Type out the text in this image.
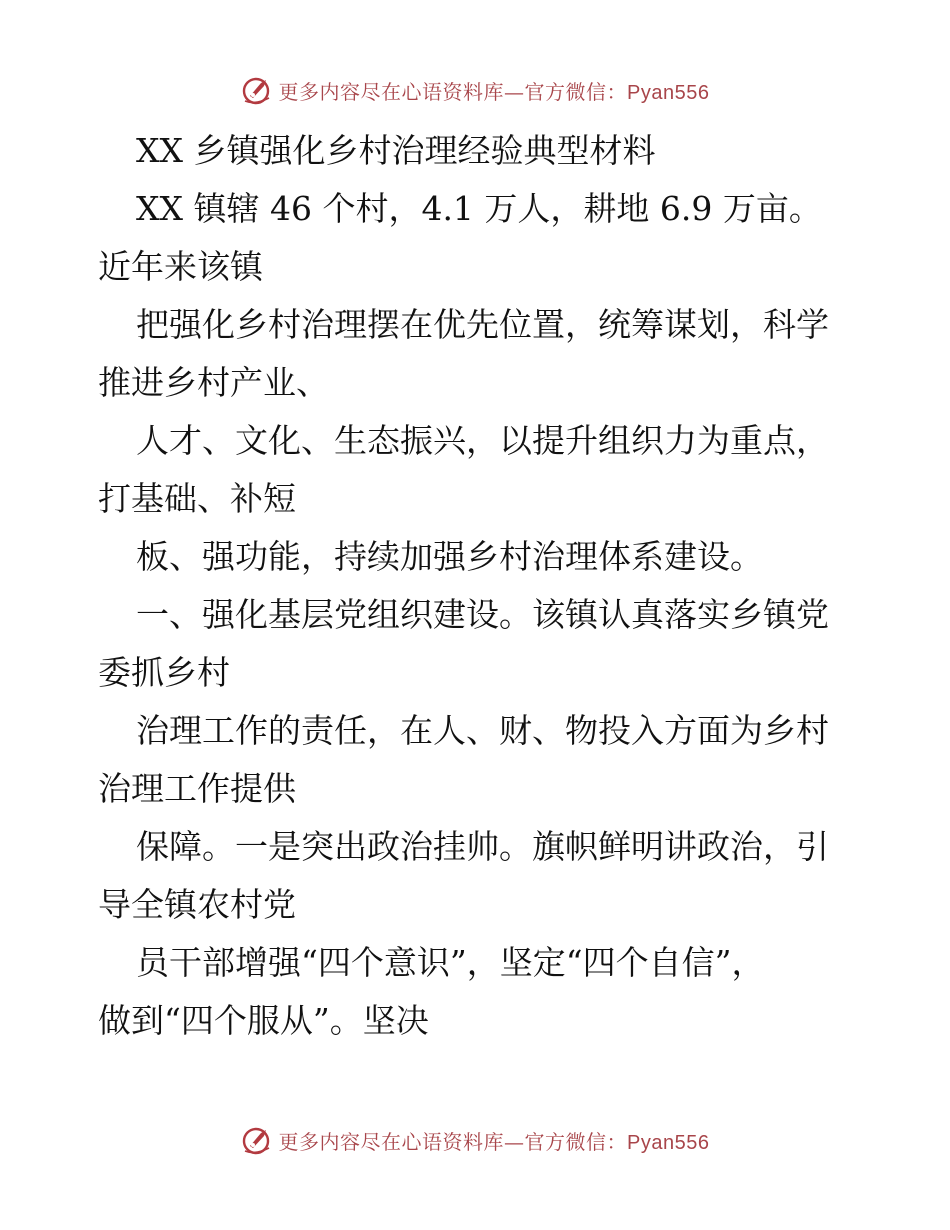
更多内容尽在心语资料库—官方微信：Pyan556
XX 乡镇强化乡村治理经验典型材料
XX 镇辖 46 个村，4.1 万人，耕地 6.9 万亩。
近年来该镇
把强化乡村治理摆在优先位置，统筹谋划，科学
推进乡村产业、
人才、文化、生态振兴，以提升组织力为重点，
打基础、补短
板、强功能，持续加强乡村治理体系建设。
一、强化基层党组织建设。该镇认真落实乡镇党
委抓乡村
治理工作的责任，在人、财、物投入方面为乡村
治理工作提供
保障。一是突出政治挂帅。旗帜鲜明讲政治，引
导全镇农村党
员干部增强“四个意识”，坚定“四个自信”，
做到“四个服从”。坚决
更多内容尽在心语资料库—官方微信：Pyan556
